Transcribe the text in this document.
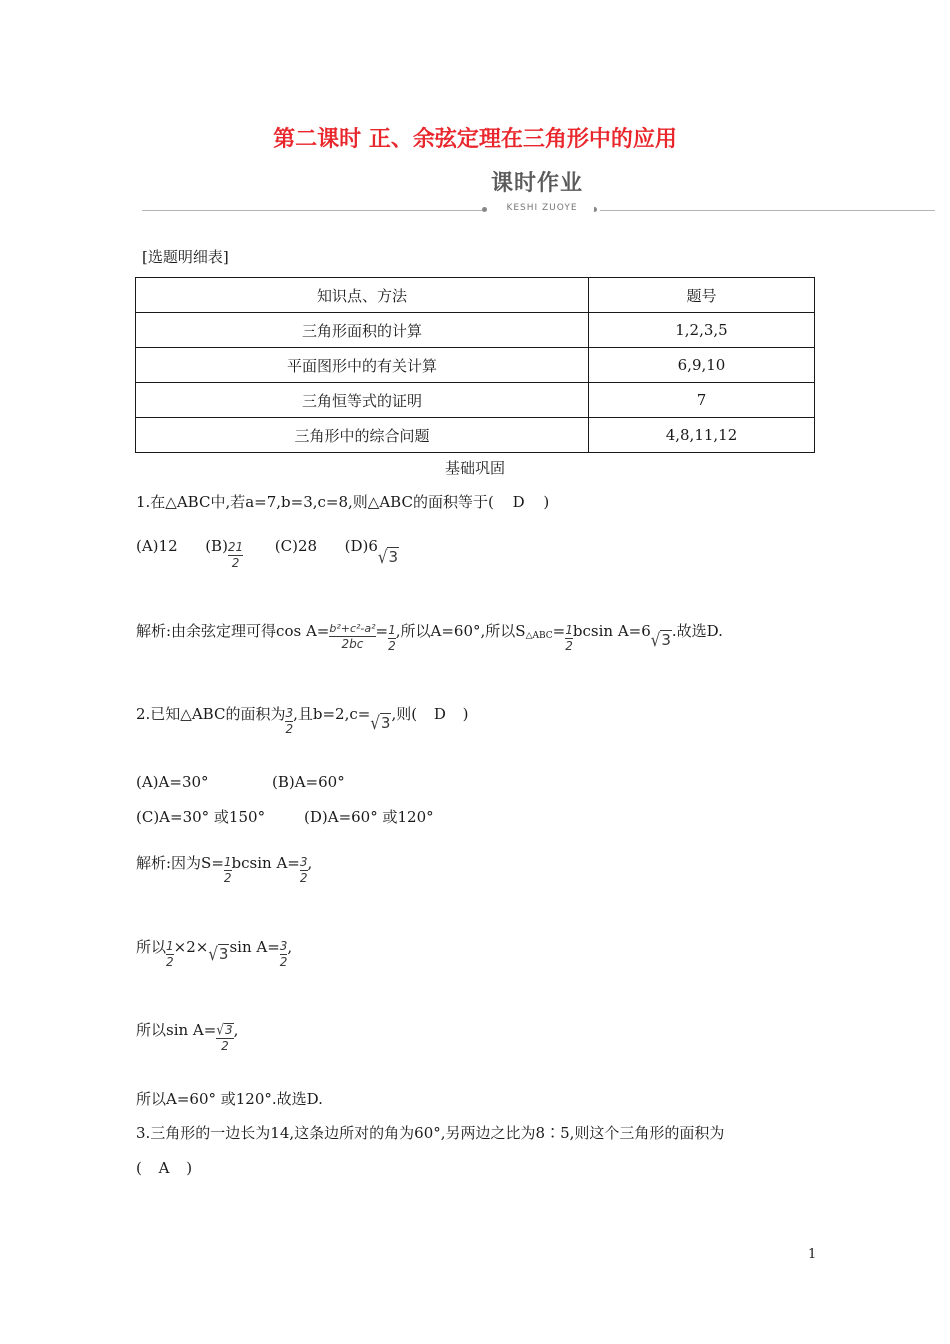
第二课时 正、余弦定理在三角形中的应用
课时作业
KESHI ZUOYE
[选题明细表]
知识点、方法	题号
三角形面积的计算	1,2,3,5
平面图形中的有关计算	6,9,10
三角恒等式的证明	7
三角形中的综合问题	4,8,11,12
基础巩固
1.在△ABC中,若a=7,b=3,c=8,则△ABC的面积等于( D )
(A)12 $(B) \frac{21}{2} (C)28$ (D)6√3
解析:由余弦定理可得$\cos A= \frac{\text{b²+c²-a²}}{2bc} = \frac{1}{2}$ ,所以A=60°,所以$S_{\triangle ABC}= \frac{1}{2}$ bcsin A=6√3.故选D.
2.已知△ABC的面积为 $\frac{3}{2}$ ,且b=2,c=√3,则( D )
(A)A=30°	(B)A=60°
(C)A=30° 或150°	(D)A=60° 或120°
解析:因为$S= \frac{1}{2}$ bcsin $A= \frac{3}{2}$ ,
所以 $\frac{1}{2} \times 2\times√3\sin$ $A= \frac{3}{2}$ ,
所以$\sin A= \frac{√3}{2}$ ,
所以A=60° 或120°.故选D.
3.三角形的一边长为14,这条边所对的角为60°,另两边之比为8∶5,则这个三角形的面积为
( A )
1
